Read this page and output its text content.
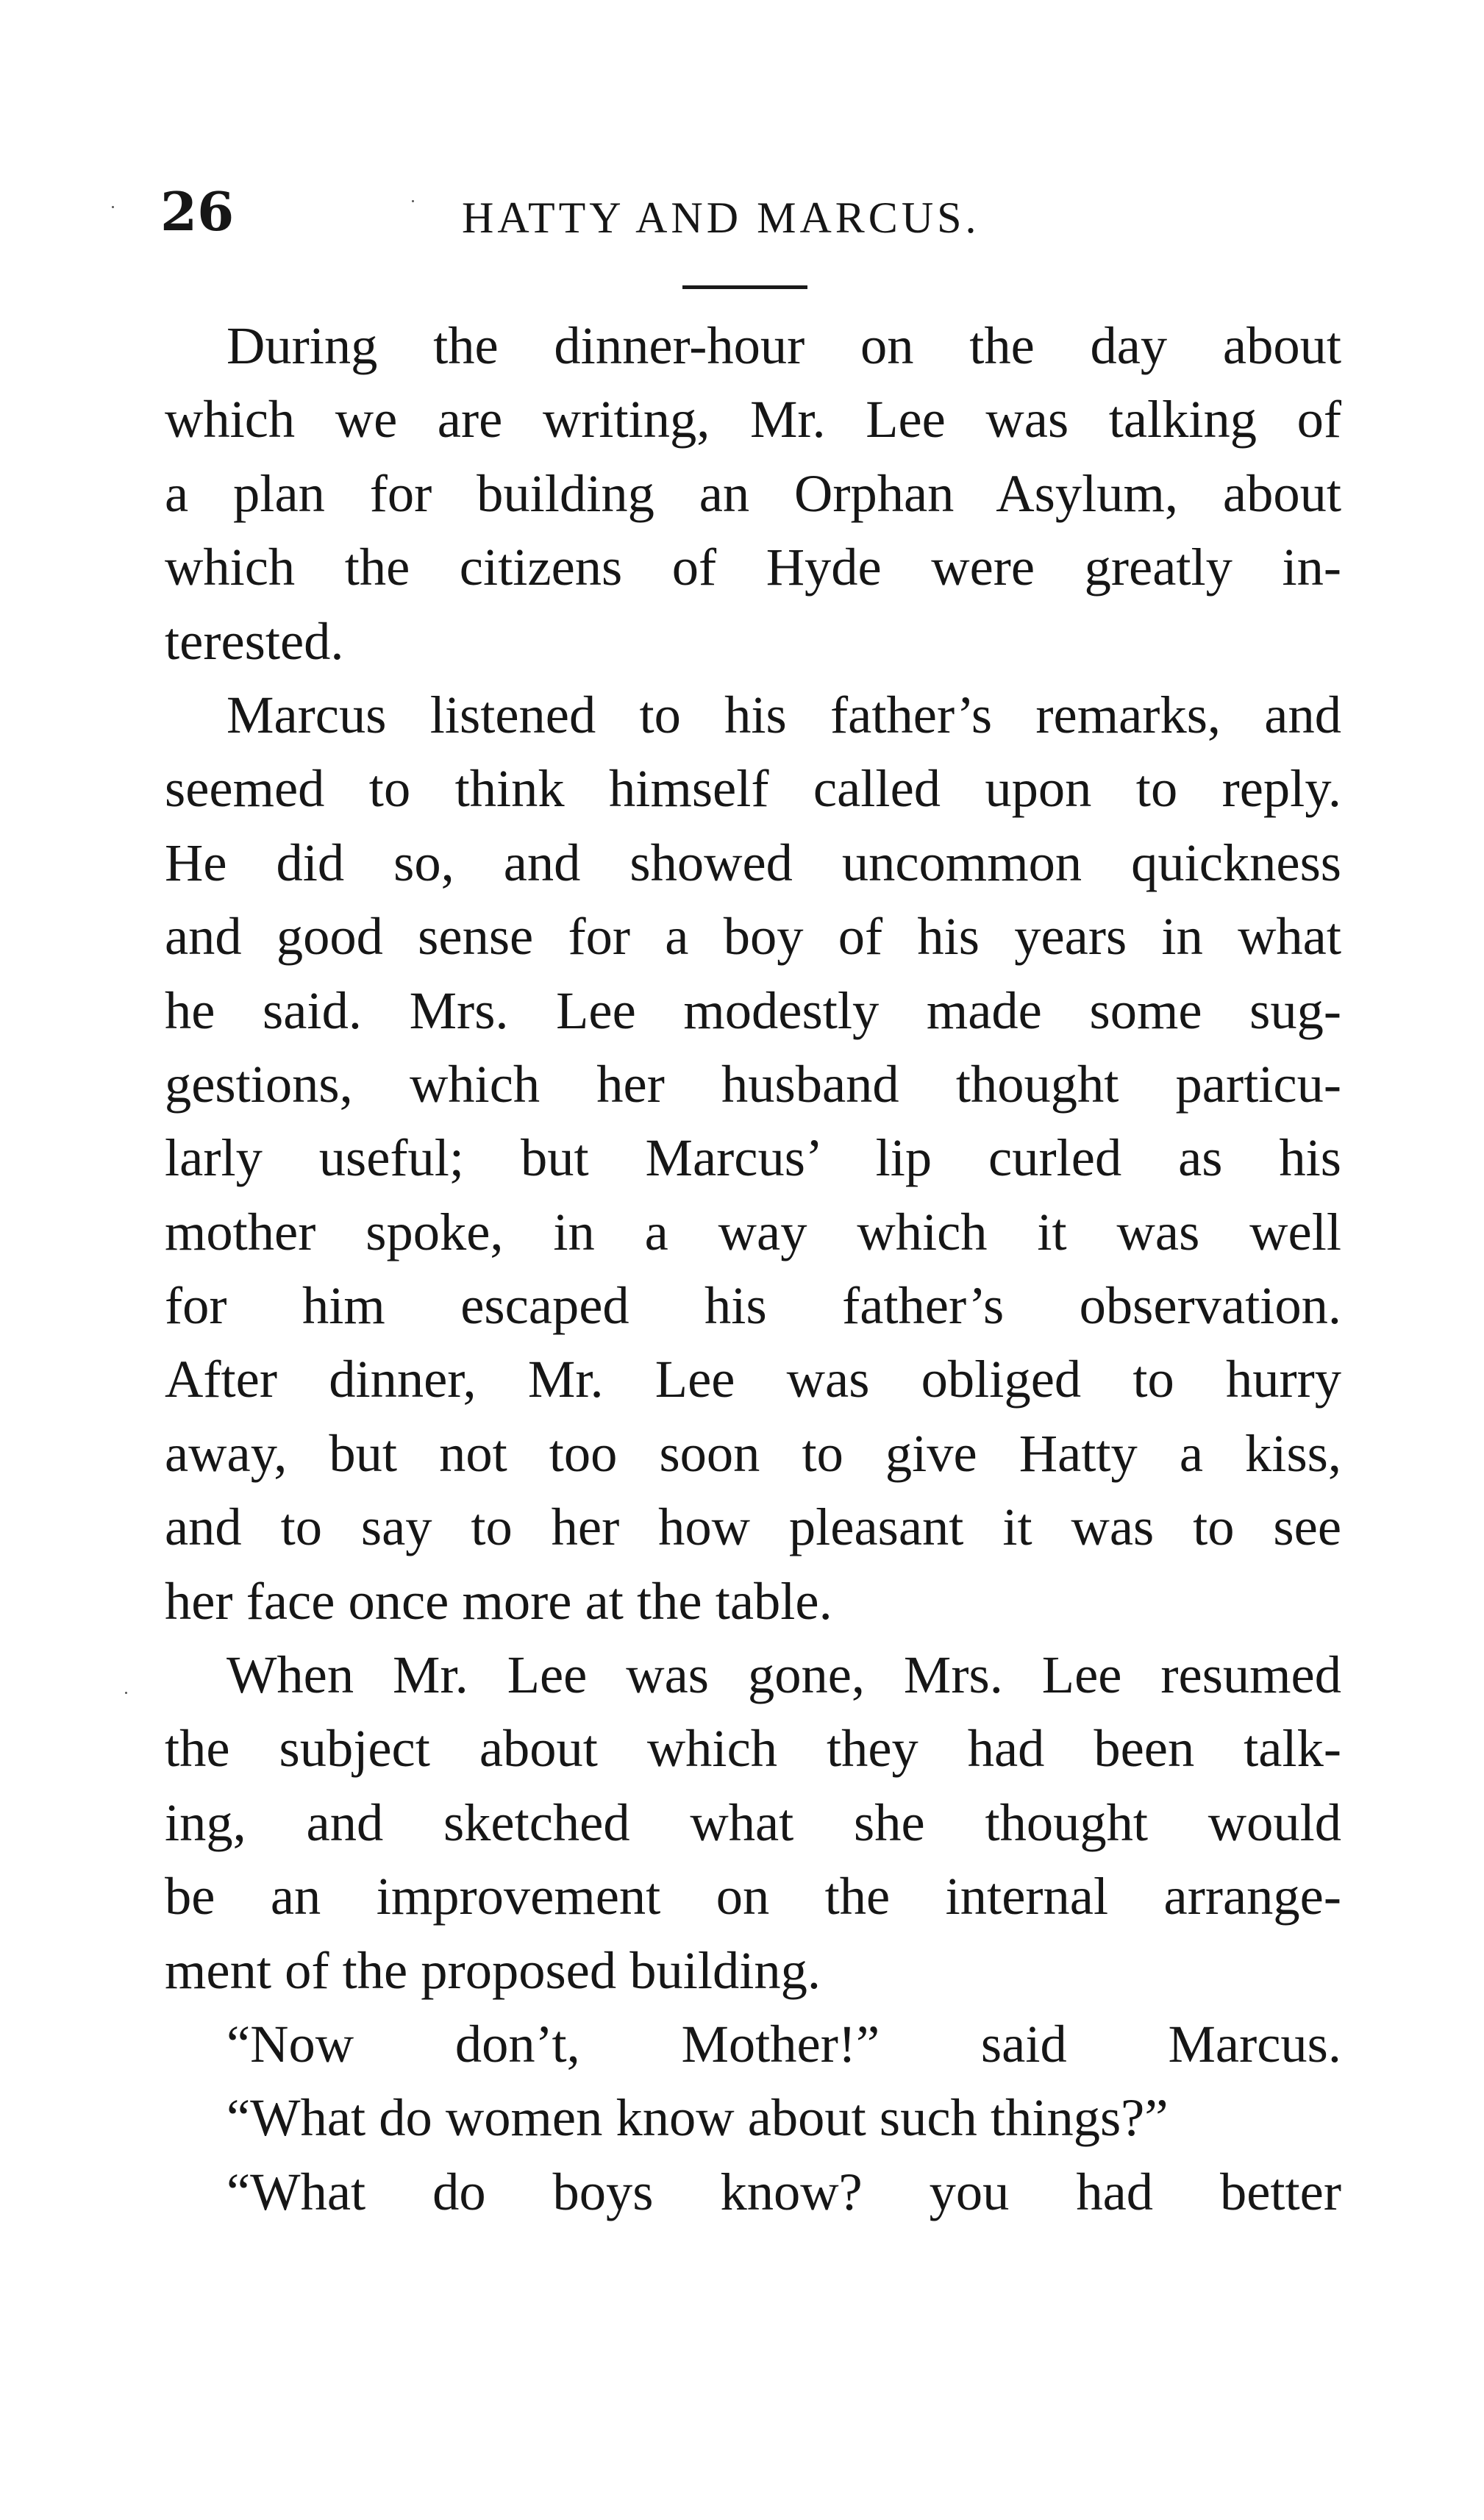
26	HATTY AND MARCUS.
During the dinner-hour on the day about
which we are writing, Mr. Lee was talking of
a plan for building an Orphan Asylum, about
which the citizens of Hyde were greatly in-
terested.
Marcus listened to his father’s remarks, and
seemed to think himself called upon to reply.
He did so, and showed uncommon quickness
and good sense for a boy of his years in what
he said. Mrs. Lee modestly made some sug-
gestions, which her husband thought particu-
larly useful; but Marcus’ lip curled as his
mother spoke, in a way which it was well
for him escaped his father’s observation.
After dinner, Mr. Lee was obliged to hurry
away, but not too soon to give Hatty a kiss,
and to say to her how pleasant it was to see
her face once more at the table.
When Mr. Lee was gone, Mrs. Lee resumed
the subject about which they had been talk-
ing, and sketched what she thought would
be an improvement on the internal arrange-
ment of the proposed building.
“Now don’t, Mother!” said Marcus.
“What do women know about such things?”
“What do boys know? you had better
